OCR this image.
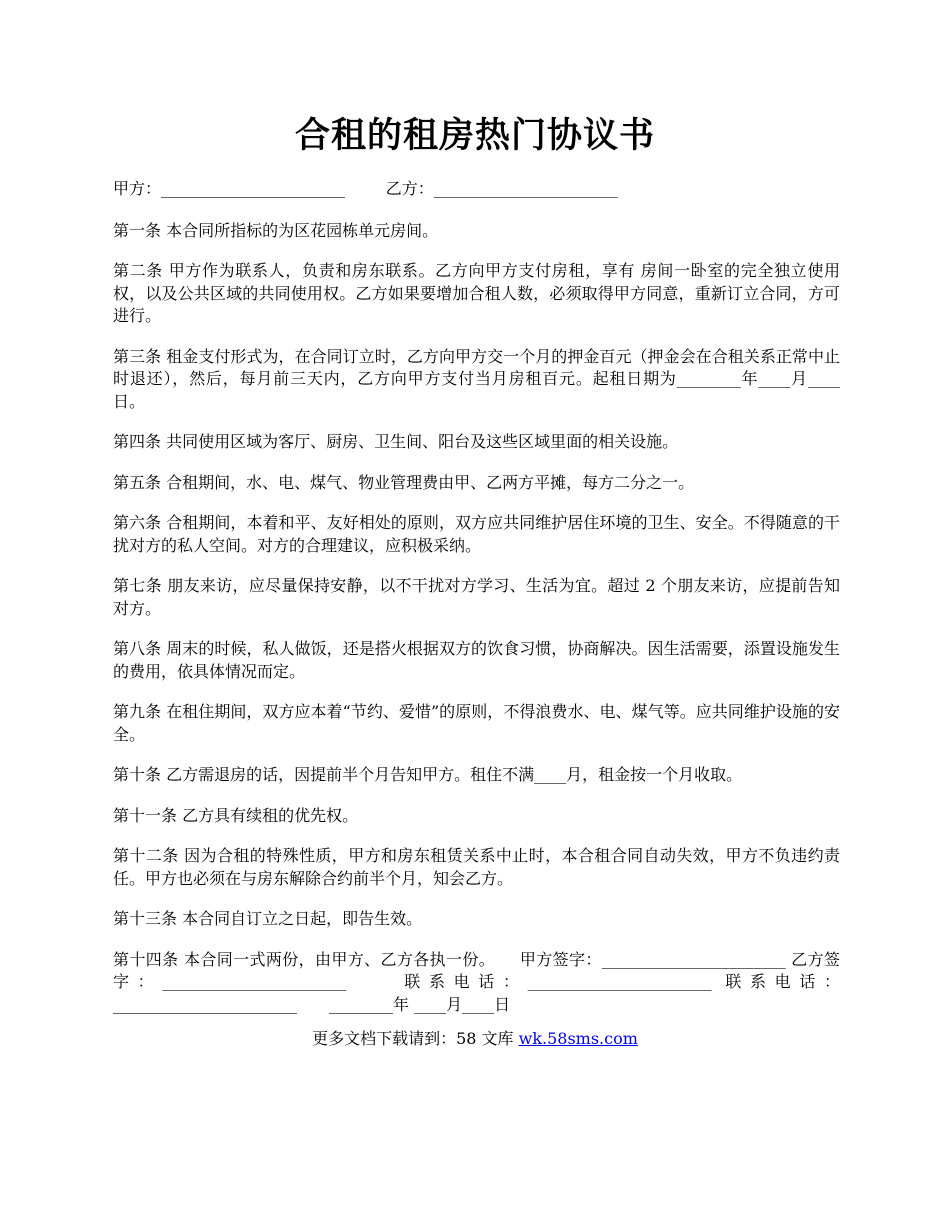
合租的租房热门协议书

甲方：_______________________	乙方：_______________________

第一条 本合同所指标的为区花园栋单元房间。

第二条 甲方作为联系人，负责和房东联系。乙方向甲方支付房租，享有 房间一卧室的完全独立使用权，以及公共区域的共同使用权。乙方如果要增加合租人数，必须取得甲方同意，重新订立合同，方可进行。

第三条 租金支付形式为，在合同订立时，乙方向甲方交一个月的押金百元（押金会在合租关系正常中止时退还），然后，每月前三天内，乙方向甲方支付当月房租百元。起租日期为________年____月____日。

第四条 共同使用区域为客厅、厨房、卫生间、阳台及这些区域里面的相关设施。

第五条 合租期间，水、电、煤气、物业管理费由甲、乙两方平摊，每方二分之一。

第六条 合租期间，本着和平、友好相处的原则，双方应共同维护居住环境的卫生、安全。不得随意的干扰对方的私人空间。对方的合理建议，应积极采纳。

第七条 朋友来访，应尽量保持安静，以不干扰对方学习、生活为宜。超过 2 个朋友来访，应提前告知对方。

第八条 周末的时候，私人做饭，还是搭火根据双方的饮食习惯，协商解决。因生活需要，添置设施发生的费用，依具体情况而定。

第九条 在租住期间，双方应本着“节约、爱惜”的原则，不得浪费水、电、煤气等。应共同维护设施的安全。

第十条 乙方需退房的话，因提前半个月告知甲方。租住不满____月，租金按一个月收取。

第十一条 乙方具有续租的优先权。

第十二条 因为合租的特殊性质，甲方和房东租赁关系中止时，本合租合同自动失效，甲方不负违约责任。甲方也必须在与房东解除合约前半个月，知会乙方。

第十三条 本合同自订立之日起，即告生效。

第十四条 本合同一式两份，由甲方、乙方各执一份。　　甲方签字：_______________________ 乙方签字：_______________________　　联系电话：_______________________ 联系电话：_______________________　　________年 ____月____日

更多文档下载请到：58 文库 wk.58sms.com
